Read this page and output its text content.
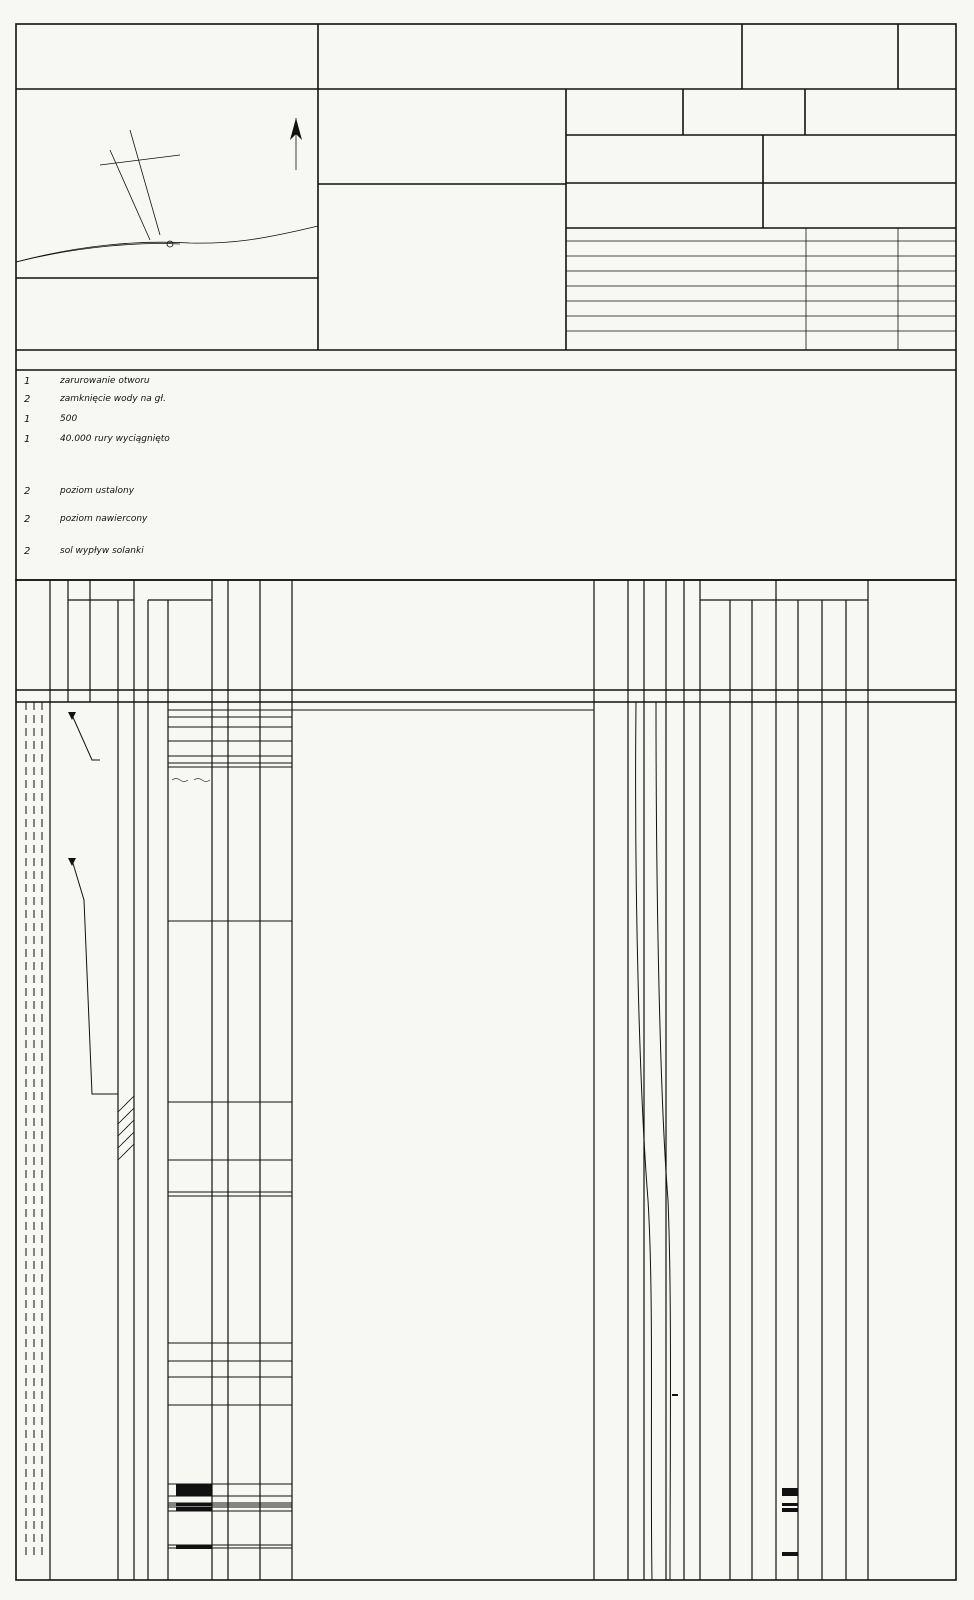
1	zarurowanie otworu
2	zamknięcie wody na gł.
1	500
1	40.000 rury wyciągnięto
2	poziom ustalony
2	poziom nawiercony
2	sol wypływ solanki
